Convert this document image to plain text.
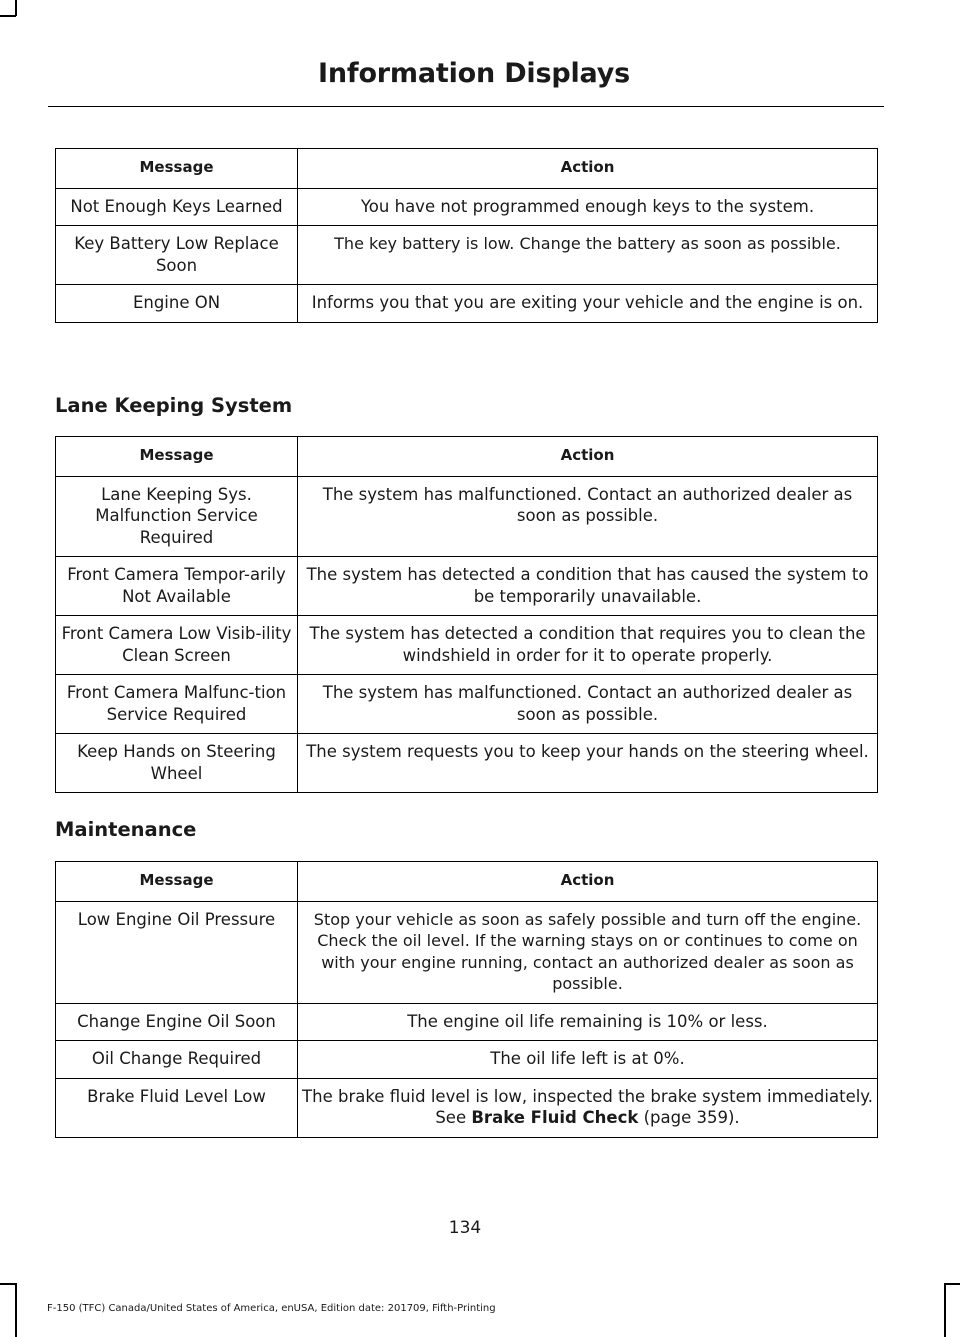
Information Displays
Message	Action
Not Enough Keys Learned	You have not programmed enough keys to the system.
Key Battery Low Replace Soon	The key battery is low. Change the battery as soon as possible.
Engine ON	Informs you that you are exiting your vehicle and the engine is on.
Lane Keeping System
Message	Action
Lane Keeping Sys. Malfunction Service Required	The system has malfunctioned. Contact an authorized dealer as soon as possible.
Front Camera Tempor-arily Not Available	The system has detected a condition that has caused the system to be temporarily unavailable.
Front Camera Low Visib-ility Clean Screen	The system has detected a condition that requires you to clean the windshield in order for it to operate properly.
Front Camera Malfunc-tion Service Required	The system has malfunctioned. Contact an authorized dealer as soon as possible.
Keep Hands on Steering Wheel	The system requests you to keep your hands on the steering wheel.
Maintenance
Message	Action
Low Engine Oil Pressure	Stop your vehicle as soon as safely possible and turn off the engine. Check the oil level. If the warning stays on or continues to come on with your engine running, contact an authorized dealer as soon as possible.
Change Engine Oil Soon	The engine oil life remaining is 10% or less.
Oil Change Required	The oil life left is at 0%.
Brake Fluid Level Low	The brake fluid level is low, inspected the brake system immediately. See Brake Fluid Check (page 359).
134
F-150 (TFC) Canada/United States of America, enUSA, Edition date: 201709, Fifth-Printing
